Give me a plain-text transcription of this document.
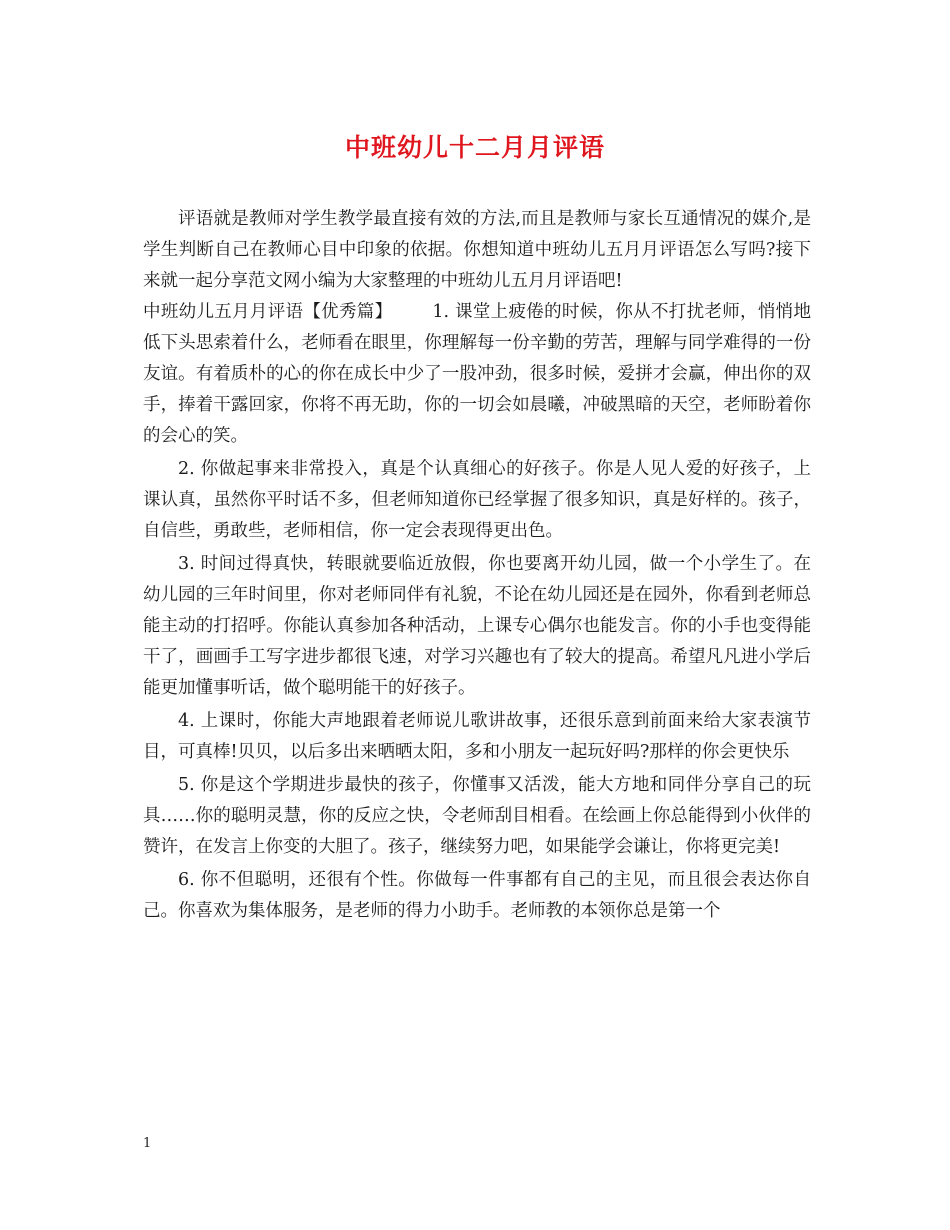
中班幼儿十二月月评语

评语就是教师对学生教学最直接有效的方法,而且是教师与家长互通情况的媒介,是学生判断自己在教师心目中印象的依据。你想知道中班幼儿五月月评语怎么写吗?接下来就一起分享范文网小编为大家整理的中班幼儿五月月评语吧!

中班幼儿五月月评语【优秀篇】 1. 课堂上疲倦的时候，你从不打扰老师，悄悄地低下头思索着什么，老师看在眼里，你理解每一份辛勤的劳苦，理解与同学难得的一份友谊。有着质朴的心的你在成长中少了一股冲劲，很多时候，爱拼才会赢，伸出你的双手，捧着干露回家，你将不再无助，你的一切会如晨曦，冲破黑暗的天空，老师盼着你的会心的笑。

2. 你做起事来非常投入，真是个认真细心的好孩子。你是人见人爱的好孩子，上课认真，虽然你平时话不多，但老师知道你已经掌握了很多知识，真是好样的。孩子，自信些，勇敢些，老师相信，你一定会表现得更出色。

3. 时间过得真快，转眼就要临近放假，你也要离开幼儿园，做一个小学生了。在幼儿园的三年时间里，你对老师同伴有礼貌，不论在幼儿园还是在园外，你看到老师总能主动的打招呼。你能认真参加各种活动，上课专心偶尔也能发言。你的小手也变得能干了，画画手工写字进步都很飞速，对学习兴趣也有了较大的提高。希望凡凡进小学后能更加懂事听话，做个聪明能干的好孩子。

4. 上课时，你能大声地跟着老师说儿歌讲故事，还很乐意到前面来给大家表演节目，可真棒!贝贝，以后多出来晒晒太阳，多和小朋友一起玩好吗?那样的你会更快乐

5. 你是这个学期进步最快的孩子，你懂事又活泼，能大方地和同伴分享自己的玩具……你的聪明灵慧，你的反应之快，令老师刮目相看。在绘画上你总能得到小伙伴的赞许，在发言上你变的大胆了。孩子，继续努力吧，如果能学会谦让，你将更完美!

6. 你不但聪明，还很有个性。你做每一件事都有自己的主见，而且很会表达你自己。你喜欢为集体服务，是老师的得力小助手。老师教的本领你总是第一个

1
